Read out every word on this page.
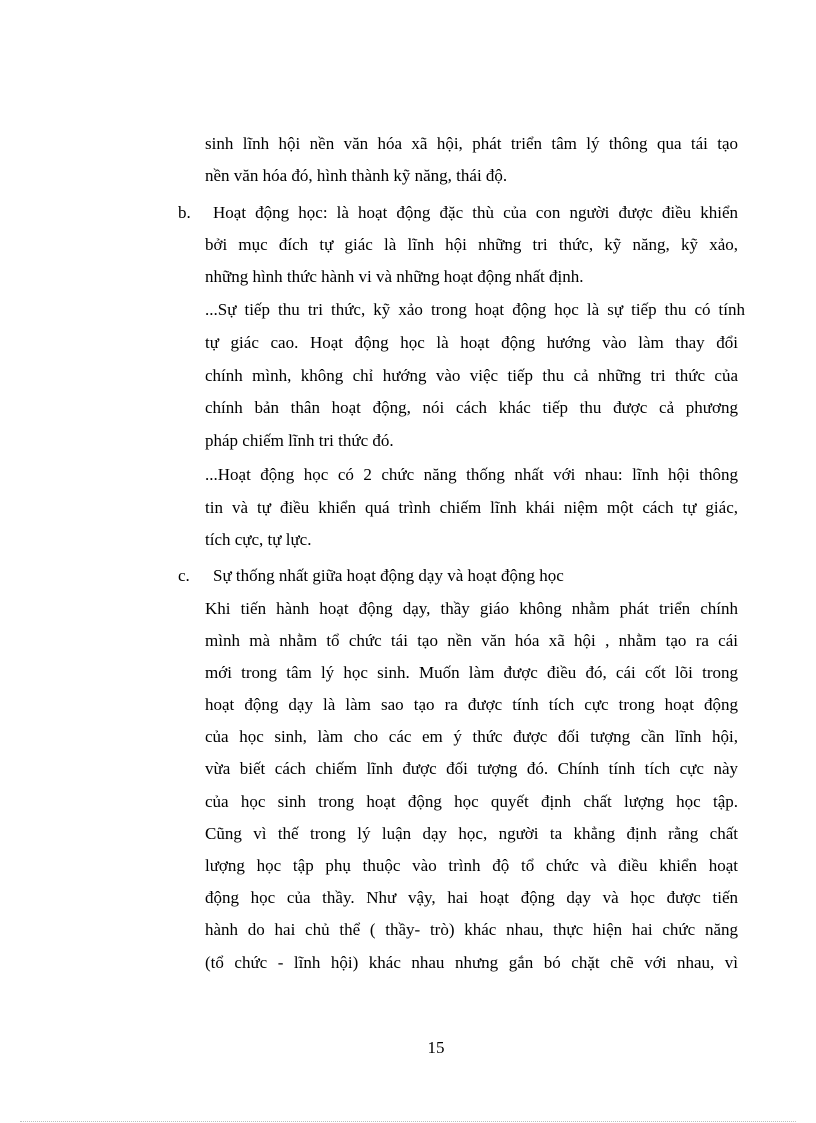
sinh lĩnh hội nền văn hóa xã hội, phát triển tâm lý thông qua tái tạo

nền văn hóa đó, hình thành kỹ năng, thái độ.

b. Hoạt động học: là hoạt động đặc thù của con người được điều khiển

bởi mục đích tự giác là lĩnh hội những tri thức, kỹ năng, kỹ xảo,

những hình thức hành vi và những hoạt động nhất định.

...Sự tiếp thu tri thức, kỹ xảo trong hoạt động học là sự tiếp thu có tính

tự giác cao. Hoạt động học là hoạt động hướng vào làm thay đổi

chính mình, không chỉ hướng vào việc tiếp thu cả những tri thức của

chính bản thân hoạt động, nói cách khác tiếp thu được cả phương

pháp chiếm lĩnh tri thức đó.

...Hoạt động học có 2 chức năng thống nhất với nhau: lĩnh hội thông

tin và tự điều khiển quá trình chiếm lĩnh khái niệm một cách tự giác,

tích cực, tự lực.

c. Sự thống nhất giữa hoạt động dạy và hoạt động học

Khi tiến hành hoạt động dạy, thầy giáo không nhằm phát triển chính

mình mà nhằm tổ chức tái tạo nền văn hóa xã hội , nhằm tạo ra cái

mới trong tâm lý học sinh. Muốn làm được điều đó, cái cốt lõi trong

hoạt động dạy là làm sao tạo ra được tính tích cực trong hoạt động

của học sinh, làm cho các em ý thức được đối tượng cần lĩnh hội,

vừa biết cách chiếm lĩnh được đối tượng đó. Chính tính tích cực này

của học sinh trong hoạt động học quyết định chất lượng học tập.

Cũng vì thế trong lý luận dạy học, người ta khẳng định rằng chất

lượng học tập phụ thuộc vào trình độ tổ chức và điều khiển hoạt

động học của thầy. Như vậy, hai hoạt động dạy và học được tiến

hành do hai chủ thể ( thầy- trò) khác nhau, thực hiện hai chức năng

(tổ chức - lĩnh hội) khác nhau nhưng gắn bó chặt chẽ với nhau, vì

15
